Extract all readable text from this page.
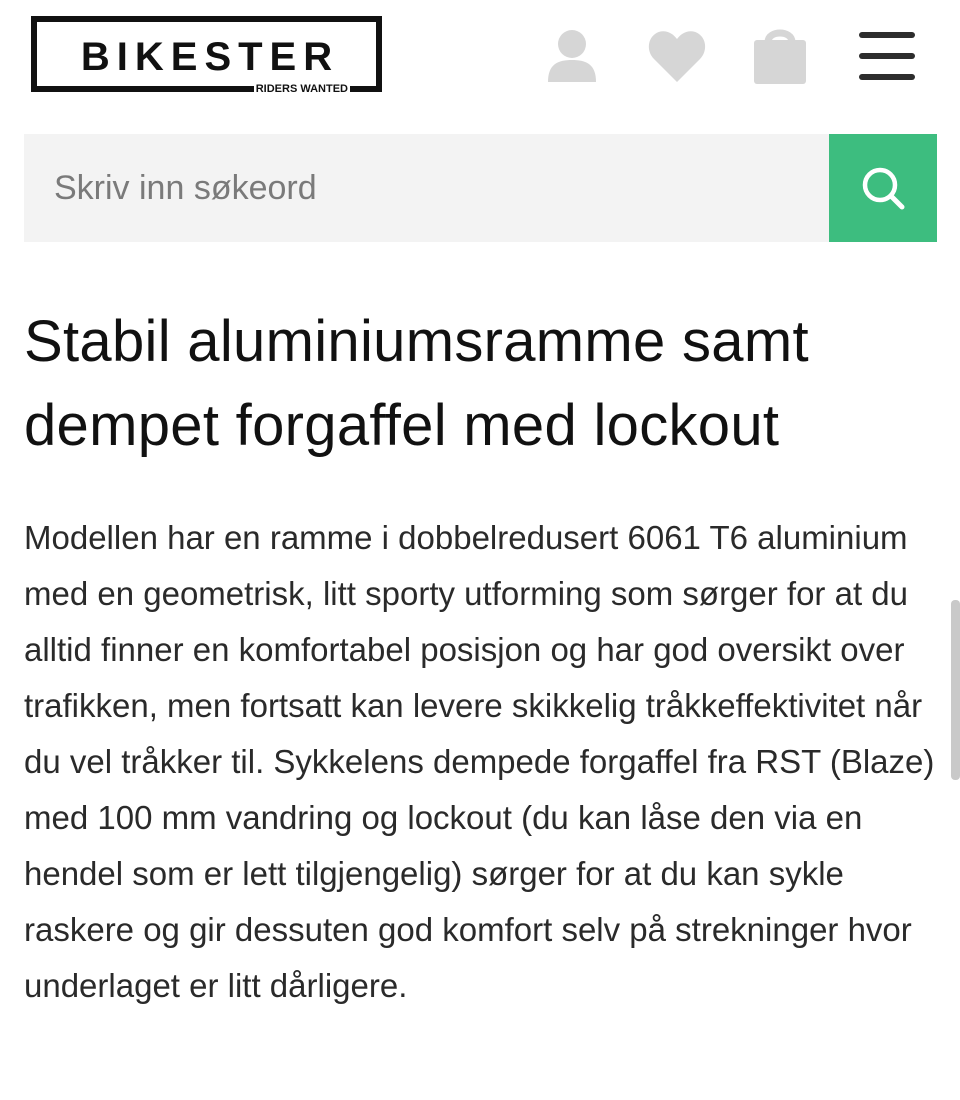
BIKESTER
RIDERS WANTED
Skriv inn søkeord
Stabil aluminiumsramme samt dempet forgaffel med lockout

Modellen har en ramme i dobbelredusert 6061 T6 aluminium med en geometrisk, litt sporty utforming som sørger for at du alltid finner en komfortabel posisjon og har god oversikt over trafikken, men fortsatt kan levere skikkelig tråkkeffektivitet når du vel tråkker til. Sykkelens dempede forgaffel fra RST (Blaze) med 100 mm vandring og lockout (du kan låse den via en hendel som er lett tilgjengelig) sørger for at du kan sykle raskere og gir dessuten god komfort selv på strekninger hvor underlaget er litt dårligere.
